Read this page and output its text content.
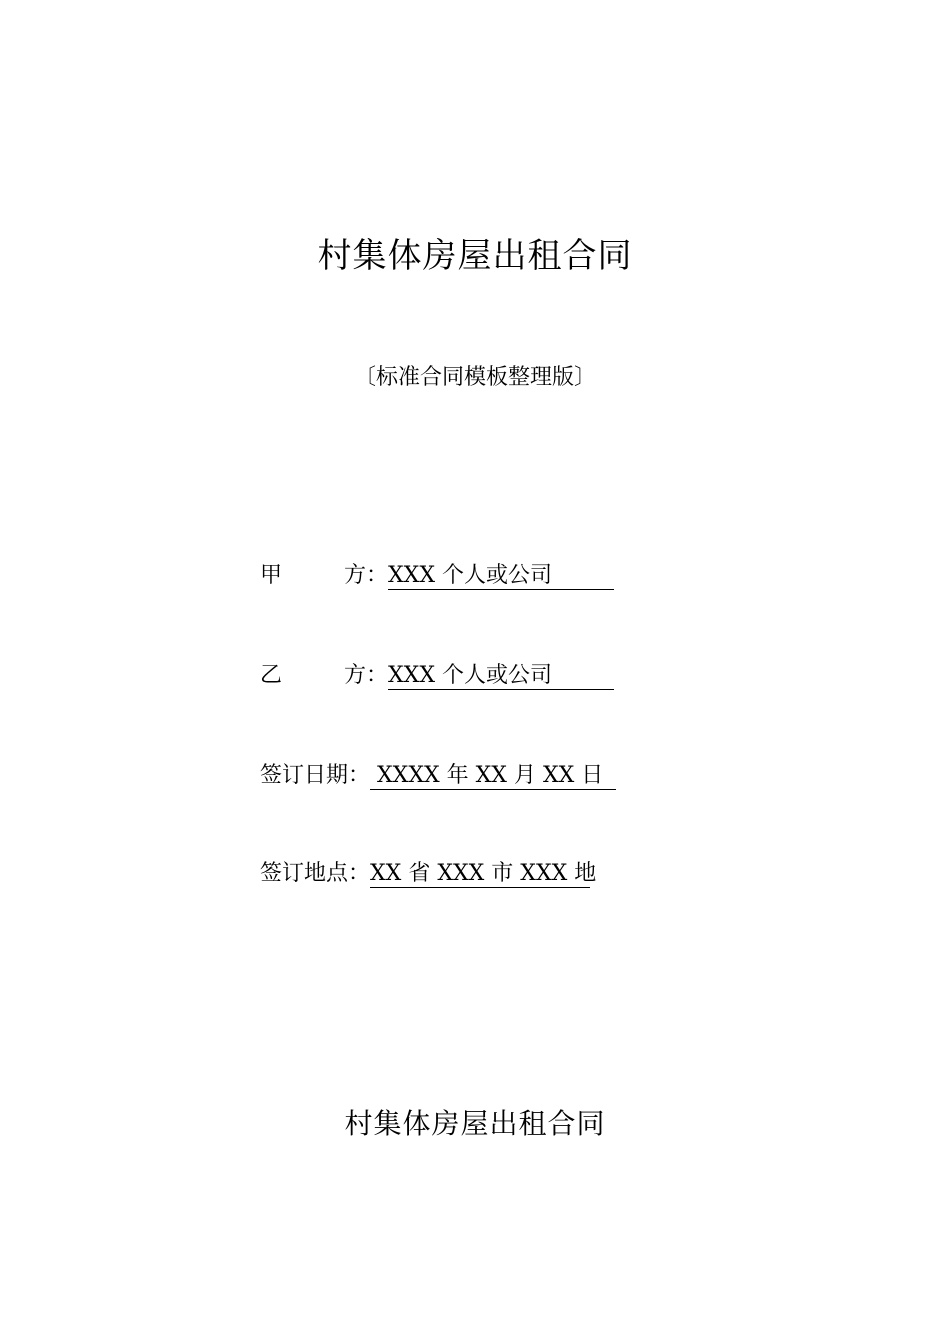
村集体房屋出租合同
〔标准合同模板整理版〕
甲	方： XXX 个人或公司
乙	方： XXX 个人或公司
签订日期： XXXX 年 XX 月 XX 日
签订地点：XX 省 XXX 市 XXX 地
村集体房屋出租合同
